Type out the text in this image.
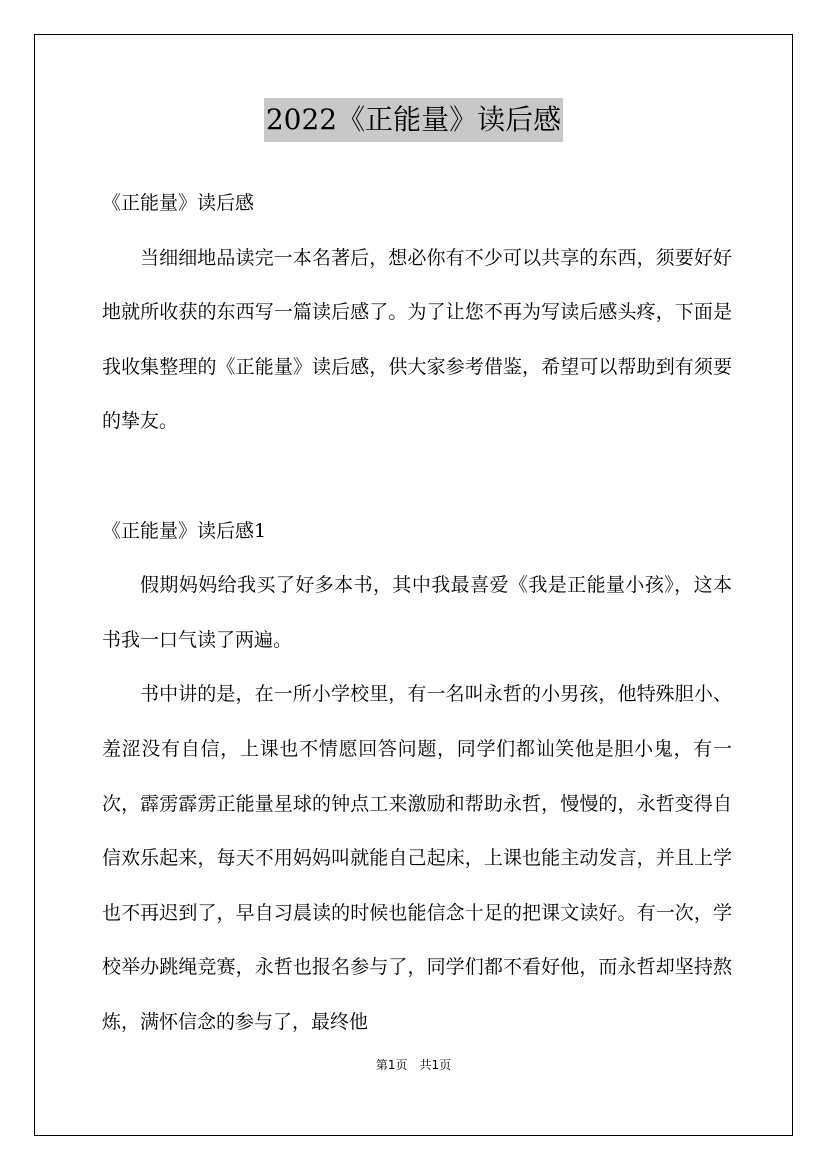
2022《正能量》读后感

《正能量》读后感

当细细地品读完一本名著后，想必你有不少可以共享的东西，须要好好地就所收获的东西写一篇读后感了。为了让您不再为写读后感头疼，下面是我收集整理的《正能量》读后感，供大家参考借鉴，希望可以帮助到有须要的挚友。

《正能量》读后感1

假期妈妈给我买了好多本书，其中我最喜爱《我是正能量小孩》，这本书我一口气读了两遍。

书中讲的是，在一所小学校里，有一名叫永哲的小男孩，他特殊胆小、羞涩没有自信，上课也不情愿回答问题，同学们都讪笑他是胆小鬼，有一次，霹雳霹雳正能量星球的钟点工来激励和帮助永哲，慢慢的，永哲变得自信欢乐起来，每天不用妈妈叫就能自己起床，上课也能主动发言，并且上学也不再迟到了，早自习晨读的时候也能信念十足的把课文读好。有一次，学校举办跳绳竞赛，永哲也报名参与了，同学们都不看好他，而永哲却坚持熬炼，满怀信念的参与了，最终他

第1页　共1页
